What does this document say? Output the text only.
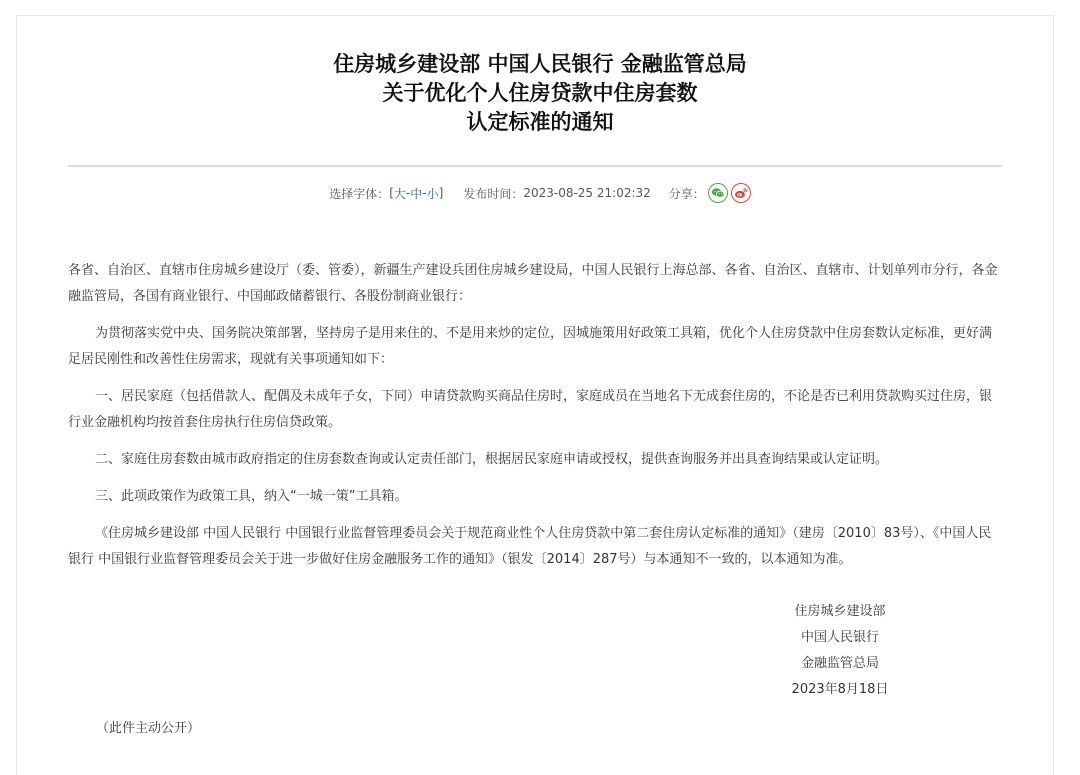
住房城乡建设部 中国人民银行 金融监管总局
关于优化个人住房贷款中住房套数
认定标准的通知
选择字体： [ 大 - 中 - 小 ] 发布时间： 2023-08-25 21:02:32 分享：

各省、自治区、直辖市住房城乡建设厅（委、管委），新疆生产建设兵团住房城乡建设局，中国人民银行上海总部、各省、自治区、直辖市、计划单列市分行，各金融监管局，各国有商业银行、中国邮政储蓄银行、各股份制商业银行：

为贯彻落实党中央、国务院决策部署，坚持房子是用来住的、不是用来炒的定位，因城施策用好政策工具箱，优化个人住房贷款中住房套数认定标准，更好满足居民刚性和改善性住房需求，现就有关事项通知如下：

一、居民家庭（包括借款人、配偶及未成年子女，下同）申请贷款购买商品住房时，家庭成员在当地名下无成套住房的，不论是否已利用贷款购买过住房，银行业金融机构均按首套住房执行住房信贷政策。

二、家庭住房套数由城市政府指定的住房套数查询或认定责任部门，根据居民家庭申请或授权，提供查询服务并出具查询结果或认定证明。

三、此项政策作为政策工具，纳入“一城一策”工具箱。

《住房城乡建设部 中国人民银行 中国银行业监督管理委员会关于规范商业性个人住房贷款中第二套住房认定标准的通知》（建房〔2010〕83号）、《中国人民银行 中国银行业监督管理委员会关于进一步做好住房金融服务工作的通知》（银发〔2014〕287号）与本通知不一致的，以本通知为准。

住房城乡建设部
中国人民银行
金融监管总局
2023年8月18日
（此件主动公开）
